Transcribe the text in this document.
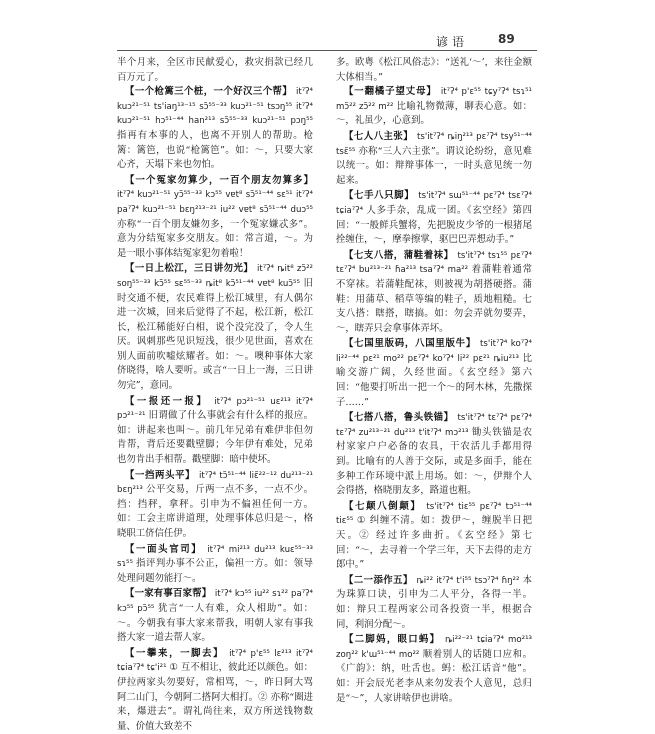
谚语 89

半个月来，全区市民献爱心，救灾捐款已经几百万元了。

【一个枪篱三个桩，一个好汉三个帮】 it⁷ʔ⁴ kuɔ²¹⁻⁵¹ ts'iaŋ¹³⁻¹⁵ sɔ̃⁵⁵⁻³³ kuɔ²¹⁻⁵¹ tsɔŋ⁵⁵ it⁷ʔ⁴ kuɔ²¹⁻⁵¹ hɔ⁵¹⁻⁴⁴ han²¹³ sɔ̃⁵⁵⁻³³ kuɔ²¹⁻⁵¹ pɔŋ⁵⁵指再有本事的人，也离不开别人的帮助。枪篱：篱笆，也说“枪篱笆”。如：～，只要大家心齐，天塌下来也勿怕。

【一个冤家勿算少，一百个朋友勿算多】it⁷ʔ⁴ kuɔ²¹⁻⁵¹ yɔ̃⁵⁵⁻³³ kɔ⁵⁵ vɐt⁸ sɔ̃⁵¹⁻⁴⁴ sɛ⁵¹ it⁷ʔ⁴ pa⁷ʔ⁴ kuɔ²¹⁻⁵¹ bɛŋ²¹³⁻²¹ iu²² vɐt⁸ sɔ̃⁵¹⁻⁴⁴ duɔ⁵⁵亦称“一百个朋友嫌勿多，一个冤家嫌忒多”。意为分结冤家多交朋友。如：常言道，～。为是一眼小事体结冤家犯勿着啦！

【一日上松江，三日讲勿光】 it⁷ʔ⁴ ȵit⁸ zɔ̃²² soŋ⁵⁵⁻³³ kɔ̃⁵⁵ sɛ⁵⁵⁻³³ ȵit⁸ kɔ̃⁵¹⁻⁴⁴ vɐt⁸ kuɔ̃⁵⁵ 旧时交通不便，农民难得上松江城里，有人偶尔进一次城，回来后觉得了不起，松江新，松江长，松江稀能好白相，说个没完没了，令人生厌。讽刺那些见识短浅，很少见世面，喜欢在别人面前吹嘘炫耀者。如：～。噢种事体大家侪晓得，啥人要听。或言“一日上一海，三日讲勿完”，意同。

【一报还一报】 it⁷ʔ⁴ pɔ²¹⁻⁵¹ uɛ²¹³ it⁷ʔ⁴ pɔ²¹⁻²¹ 旧谓做了什么事就会有什么样的报应。如：讲起来也叫～。前几年兄弟有难伊非但勿肯帮，背后还要戳壁脚；今年伊有难处，兄弟也勿肯出手相帮。戳壁脚：暗中使坏。

【一挡两头平】 it⁷ʔ⁴ tɔ̃⁵¹⁻⁴⁴ liɛ̃²²⁻¹² du²¹³⁻²¹ bɛŋ²¹³ 公平交易，斤两一点不多，一点不少。挡：挡秤，拿秤。引申为不偏袒任何一方。如：工会主席讲道理，处理事体总归是～，格晓职工侪信任伊。

【一面头官司】 it⁷ʔ⁴ mi²¹³ du²¹³ kuɛ⁵⁵⁻³³ sɿ⁵⁵ 指评判办事不公正，偏袒一方。如：领导处理问题勿能打～。

【一家有事百家帮】 it⁷ʔ⁴ kɔ⁵⁵ iu²² sɿ²² pa⁷ʔ⁴ kɔ⁵⁵ pɔ̃⁵⁵ 犹言“一人有难，众人相助”。如：～。今朝我有事大家来帮我，明朝人家有事我搭大家一道去帮人家。

【一攀来，一脚去】 it⁷ʔ⁴ p'ɛ⁵⁵ lɛ²¹³ it⁷ʔ⁴ tɕia⁷ʔ⁴ tɕ'i²¹ ① 互不相让，彼此还以颜色。如：伊拉两家头勿要好，常相骂，～，昨日阿大骂阿二山门，今朝阿二搭阿大相打。② 亦称“圈进来，爆进去”。谓礼尚往来，双方所送钱物数量、价值大致差不

多。欧粤《松江风俗志》：“送礼‘～’，来往金额大体相当。”

【一翻橘子望丈母】 it⁷ʔ⁴ p'ɛ⁵⁵ tɕy⁷ʔ⁴ tsɿ⁵¹ mɔ̃²² zɔ̃²² m²² 比喻礼物微薄，聊表心意。如：～，礼虽少，心意到。

【七人八主张】 ts'it⁷ʔ⁴ ȵiŋ²¹³ pɛ⁷ʔ⁴ tsy⁵¹⁻⁴⁴ tsɛ̃⁵⁵ 亦称“三人六主张”。谓议论纷纷，意见难以统一。如：辩辩事体一，一时头意见统一勿起来。

【七手八只脚】 ts'it⁷ʔ⁴ sɯ⁵¹⁻⁴⁴ pɛ⁷ʔ⁴ tsɛ⁷ʔ⁴ tɕia⁷ʔ⁴ 人多手杂，乱成一团。《玄空经》第四回：“一般鲜兵蟹将，先把脱皮少爷的一根猪尾拴缠住，～，摩拳擦掌，驱巴巴弄想动手。”

【七支八搭，蒲鞋着袜】 ts'it⁷ʔ⁴ tsɿ⁵⁵ pɛ⁷ʔ⁴ tɛ⁷ʔ⁴ bu²¹³⁻²¹ ɦa²¹³ tsa⁷ʔ⁴ ma²² 着蒲鞋着通常不穿袜。若蒲鞋配袜，则被视为胡搭硬搭。蒲鞋：用蒲草、稻草等编的鞋子，质地粗糙。七支八搭：瞎搭，瞎搞。如：勿会弄就勿要弄，～，瞎弄只会拿事体弄坏。

【七国里版码，八国里版牛】 ts'it⁷ʔ⁴ ko⁷ʔ⁴ li²²⁻⁴⁴ pɛ²¹ mo²² pɛ⁷ʔ⁴ ko⁷ʔ⁴ li²² pɛ²¹ ȵiu²¹³ 比喻交游广阔，久经世面。《玄空经》第六回：“他要打听出一把一个～的阿木林，先撒探子……”

【七搭八搭，鲁头铁锚】 ts'it⁷ʔ⁴ tɛ⁷ʔ⁴ pɛ⁷ʔ⁴ tɛ⁷ʔ⁴ zu²¹³⁻²¹ du²¹³ t'it⁷ʔ⁴ mɔ²¹³ 锄头铁锚是农村家家户户必备的农具，干农活儿手都用得到。比喻有的人善于交际，或是多面手，能在多种工作环境中派上用场。如：～，伊辩个人会得搭，格晓朋友多，路道也粗。

【七颠八倒颠】 ts'it⁷ʔ⁴ tiɛ⁵⁵ pɛ⁷ʔ⁴ tɔ⁵¹⁻⁴⁴ tiɛ⁵⁵ ① 纠缠不清。如：拨伊～，缠脱半日把天。② 经过许多曲折。《玄空经》第七回：“～，去寻着一个学三年，天下去得的走方郎中。”

【二一添作五】 ȵi²² it⁷ʔ⁴ t'i⁵⁵ tsɔ⁷ʔ⁴ ɦŋ²² 本为珠算口诀，引申为二人平分，各得一半。如：辩只工程两家公司各投资一半，根据合同，利润分配～。

【二脚妈，眼口蚂】 ȵi²²⁻²¹ tɕia⁷ʔ⁴ mo²¹³ zoŋ²² k'ɯ⁵¹⁻⁴⁴ mo²² 顺着别人的话随口应和。《广韵》：纳，吐舌也。蚂：松江话音“他”。如：开会辰光老李从来勿发表个人意见，总归是“～”，人家讲啥伊也讲啥。
